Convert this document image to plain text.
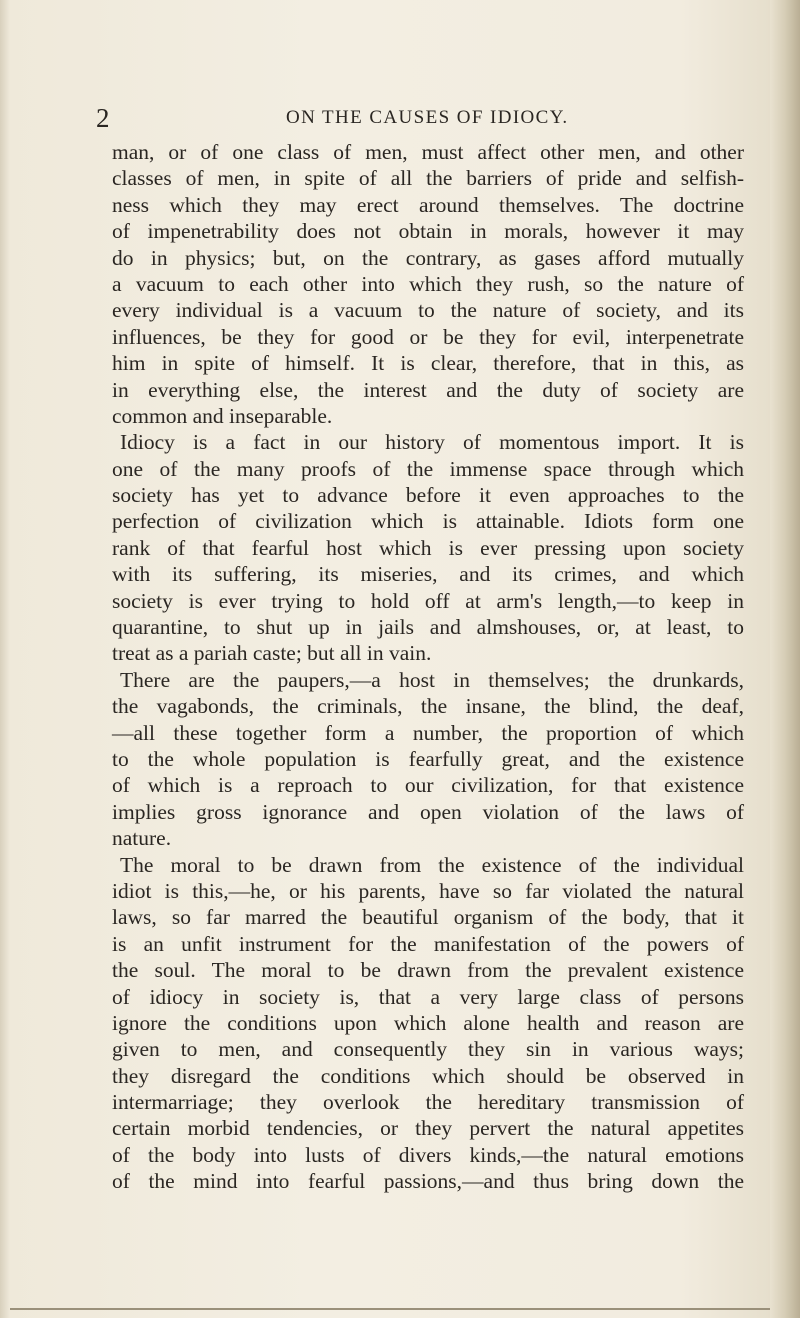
2	ON THE CAUSES OF IDIOCY.
man, or of one class of men, must affect other men, and other
classes of men, in spite of all the barriers of pride and selfish-
ness which they may erect around themselves. The doctrine
of impenetrability does not obtain in morals, however it may
do in physics; but, on the contrary, as gases afford mutually
a vacuum to each other into which they rush, so the nature of
every individual is a vacuum to the nature of society, and its
influences, be they for good or be they for evil, interpenetrate
him in spite of himself. It is clear, therefore, that in this, as
in everything else, the interest and the duty of society are
common and inseparable.
Idiocy is a fact in our history of momentous import. It is
one of the many proofs of the immense space through which
society has yet to advance before it even approaches to the
perfection of civilization which is attainable. Idiots form one
rank of that fearful host which is ever pressing upon society
with its suffering, its miseries, and its crimes, and which
society is ever trying to hold off at arm's length,—to keep in
quarantine, to shut up in jails and almshouses, or, at least, to
treat as a pariah caste; but all in vain.
There are the paupers,—a host in themselves; the drunkards,
the vagabonds, the criminals, the insane, the blind, the deaf,
—all these together form a number, the proportion of which
to the whole population is fearfully great, and the existence
of which is a reproach to our civilization, for that existence
implies gross ignorance and open violation of the laws of
nature.
The moral to be drawn from the existence of the individual
idiot is this,—he, or his parents, have so far violated the natural
laws, so far marred the beautiful organism of the body, that it
is an unfit instrument for the manifestation of the powers of
the soul. The moral to be drawn from the prevalent existence
of idiocy in society is, that a very large class of persons
ignore the conditions upon which alone health and reason are
given to men, and consequently they sin in various ways;
they disregard the conditions which should be observed in
intermarriage; they overlook the hereditary transmission of
certain morbid tendencies, or they pervert the natural appetites
of the body into lusts of divers kinds,—the natural emotions
of the mind into fearful passions,—and thus bring down the
